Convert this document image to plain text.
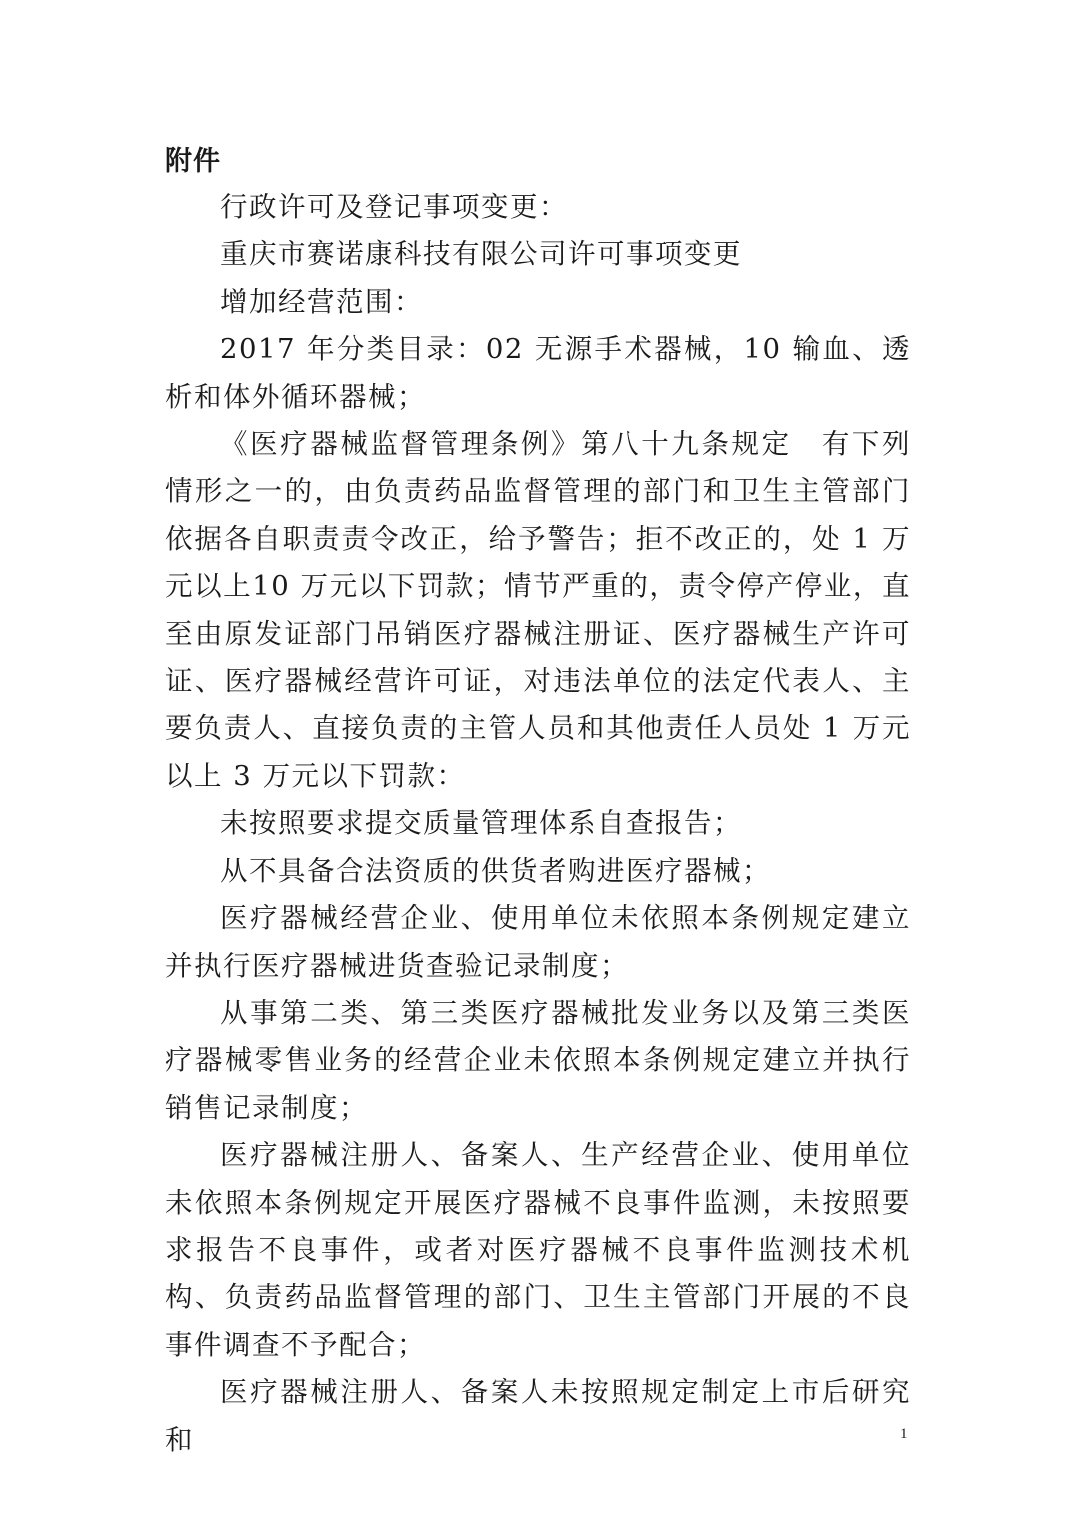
附件

行政许可及登记事项变更：

重庆市赛诺康科技有限公司许可事项变更

增加经营范围：

2017 年分类目录：02 无源手术器械，10 输血、透析和体外循环器械；

《医疗器械监督管理条例》第八十九条规定　有下列情形之一的，由负责药品监督管理的部门和卫生主管部门依据各自职责责令改正，给予警告；拒不改正的，处 1 万元以上10 万元以下罚款；情节严重的，责令停产停业，直至由原发证部门吊销医疗器械注册证、医疗器械生产许可证、医疗器械经营许可证，对违法单位的法定代表人、主要负责人、直接负责的主管人员和其他责任人员处 1 万元以上 3 万元以下罚款：

未按照要求提交质量管理体系自查报告；

从不具备合法资质的供货者购进医疗器械；

医疗器械经营企业、使用单位未依照本条例规定建立并执行医疗器械进货查验记录制度；

从事第二类、第三类医疗器械批发业务以及第三类医疗器械零售业务的经营企业未依照本条例规定建立并执行销售记录制度；

医疗器械注册人、备案人、生产经营企业、使用单位未依照本条例规定开展医疗器械不良事件监测，未按照要求报告不良事件，或者对医疗器械不良事件监测技术机构、负责药品监督管理的部门、卫生主管部门开展的不良事件调查不予配合；

医疗器械注册人、备案人未按照规定制定上市后研究和	1
